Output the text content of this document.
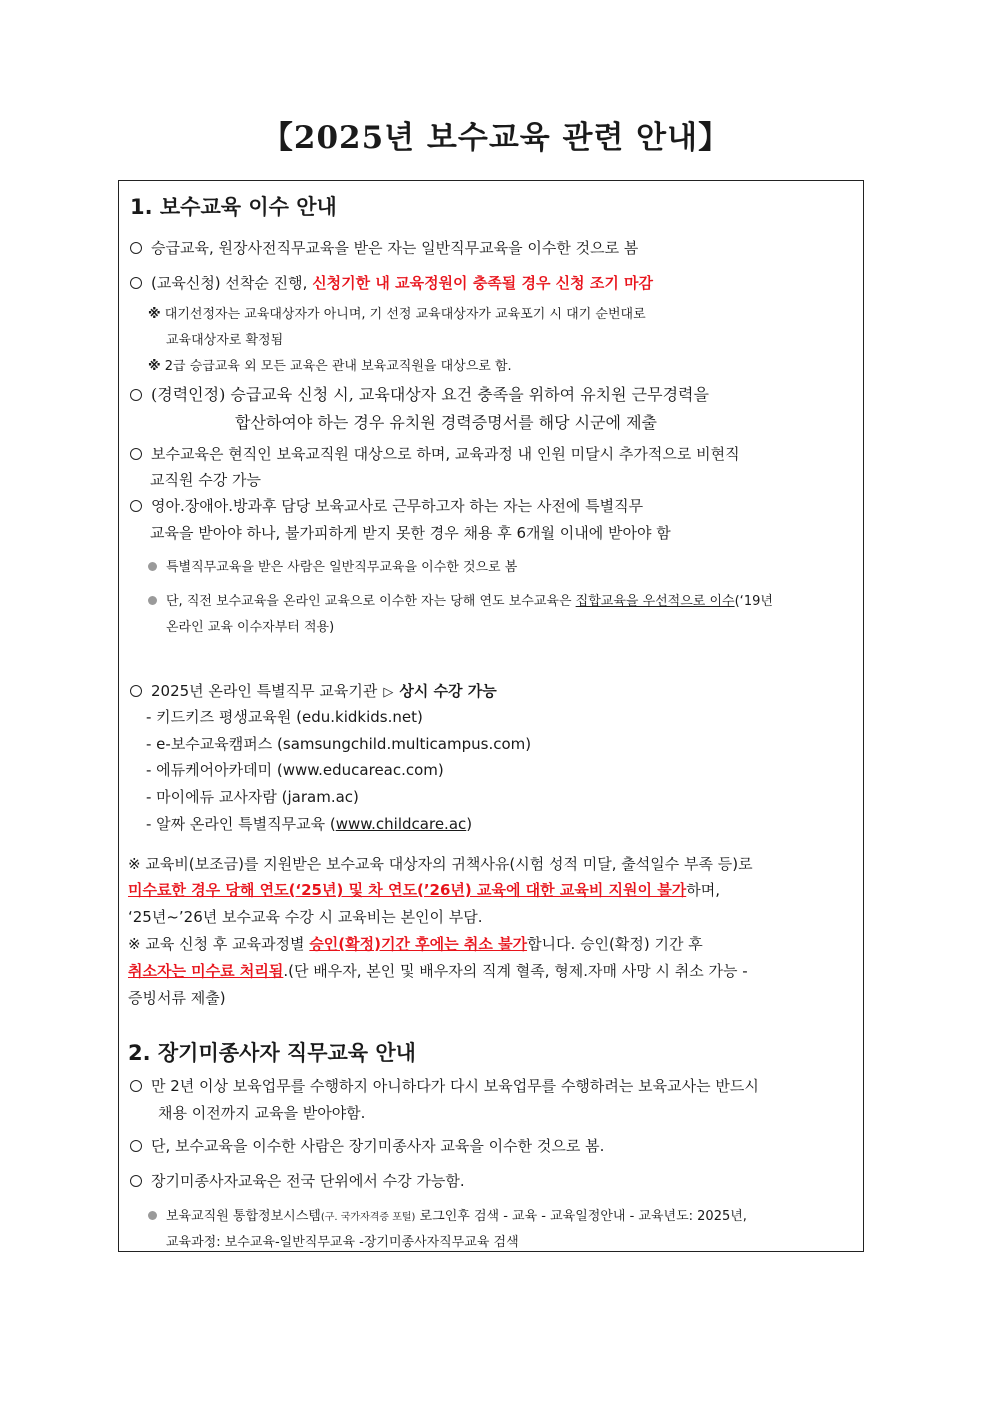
【2025년 보수교육 관련 안내】
1. 보수교육 이수 안내
승급교육, 원장사전직무교육을 받은 자는 일반직무교육을 이수한 것으로 봄
(교육신청) 선착순 진행, 신청기한 내 교육정원이 충족될 경우 신청 조기 마감
※ 대기선정자는 교육대상자가 아니며, 기 선정 교육대상자가 교육포기 시 대기 순번대로
교육대상자로 확정됨
※ 2급 승급교육 외 모든 교육은 관내 보육교직원을 대상으로 함.
(경력인정) 승급교육 신청 시, 교육대상자 요건 충족을 위하여 유치원 근무경력을
합산하여야 하는 경우 유치원 경력증명서를 해당 시군에 제출
보수교육은 현직인 보육교직원 대상으로 하며, 교육과정 내 인원 미달시 추가적으로 비현직
교직원 수강 가능
영아.장애아.방과후 담당 보육교사로 근무하고자 하는 자는 사전에 특별직무
교육을 받아야 하나, 불가피하게 받지 못한 경우 채용 후 6개월 이내에 받아야 함
특별직무교육을 받은 사람은 일반직무교육을 이수한 것으로 봄
단, 직전 보수교육을 온라인 교육으로 이수한 자는 당해 연도 보수교육은 집합교육을 우선적으로 이수(‘19년
온라인 교육 이수자부터 적용)
2025년 온라인 특별직무 교육기관 ▷ 상시 수강 가능
- 키드키즈 평생교육원 (edu.kidkids.net)
- e-보수교육캠퍼스 (samsungchild.multicampus.com)
- 에듀케어아카데미 (www.educareac.com)
- 마이에듀 교사자람 (jaram.ac)
- 알짜 온라인 특별직무교육 (www.childcare.ac)
※ 교육비(보조금)를 지원받은 보수교육 대상자의 귀책사유(시험 성적 미달, 출석일수 부족 등)로
미수료한 경우 당해 연도(‘25년) 및 차 연도(’26년) 교육에 대한 교육비 지원이 불가하며,
‘25년~’26년 보수교육 수강 시 교육비는 본인이 부담.
※ 교육 신청 후 교육과정별 승인(확정)기간 후에는 취소 불가합니다. 승인(확정) 기간 후
취소자는 미수료 처리됨.(단 배우자, 본인 및 배우자의 직계 혈족, 형제.자매 사망 시 취소 가능 -
증빙서류 제출)
2. 장기미종사자 직무교육 안내
만 2년 이상 보육업무를 수행하지 아니하다가 다시 보육업무를 수행하려는 보육교사는 반드시
채용 이전까지 교육을 받아야함.
단, 보수교육을 이수한 사람은 장기미종사자 교육을 이수한 것으로 봄.
장기미종사자교육은 전국 단위에서 수강 가능함.
보육교직원 통합정보시스템(구. 국가자격증 포털) 로그인후 검색 - 교육 - 교육일정안내 - 교육년도: 2025년,
교육과정: 보수교육-일반직무교육 -장기미종사자직무교육 검색
